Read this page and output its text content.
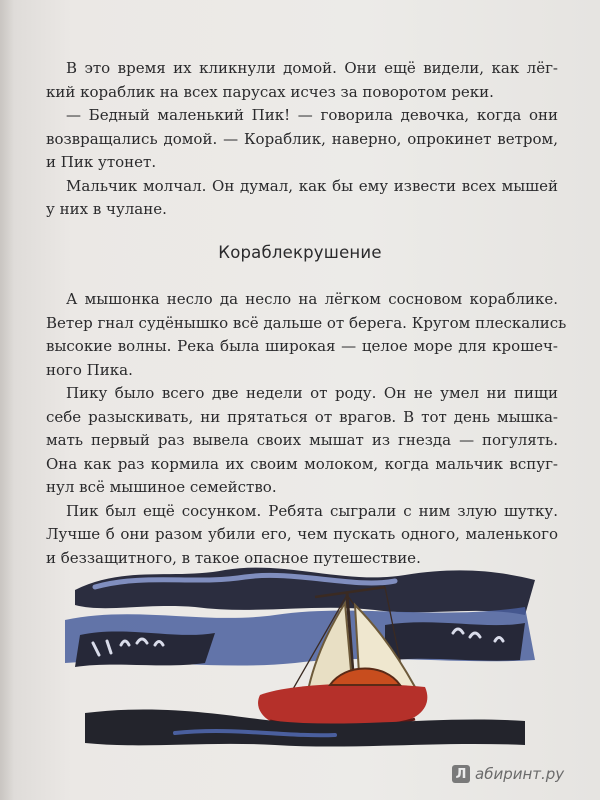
В это время их кликнули домой. Они ещё видели, как лёг-
кий кораблик на всех парусах исчез за поворотом реки.
— Бедный маленький Пик! — говорила девочка, когда они
возвращались домой. — Кораблик, наверно, опрокинет ветром,
и Пик утонет.
Мальчик молчал. Он думал, как бы ему извести всех мышей
у них в чулане.
Кораблекрушение
А мышонка несло да несло на лёгком сосновом кораблике.
Ветер гнал судёнышко всё дальше от берега. Кругом плескались
высокие волны. Река была широкая — целое море для крошеч-
ного Пика.
Пику было всего две недели от роду. Он не умел ни пищи
себе разыскивать, ни прятаться от врагов. В тот день мышка-
мать первый раз вывела своих мышат из гнезда — погулять.
Она как раз кормила их своим молоком, когда мальчик вспуг-
нул всё мышиное семейство.
Пик был ещё сосунком. Ребята сыграли с ним злую шутку.
Лучше б они разом убили его, чем пускать одного, маленького
и беззащитного, в такое опасное путешествие.
Л абиринт.ру
